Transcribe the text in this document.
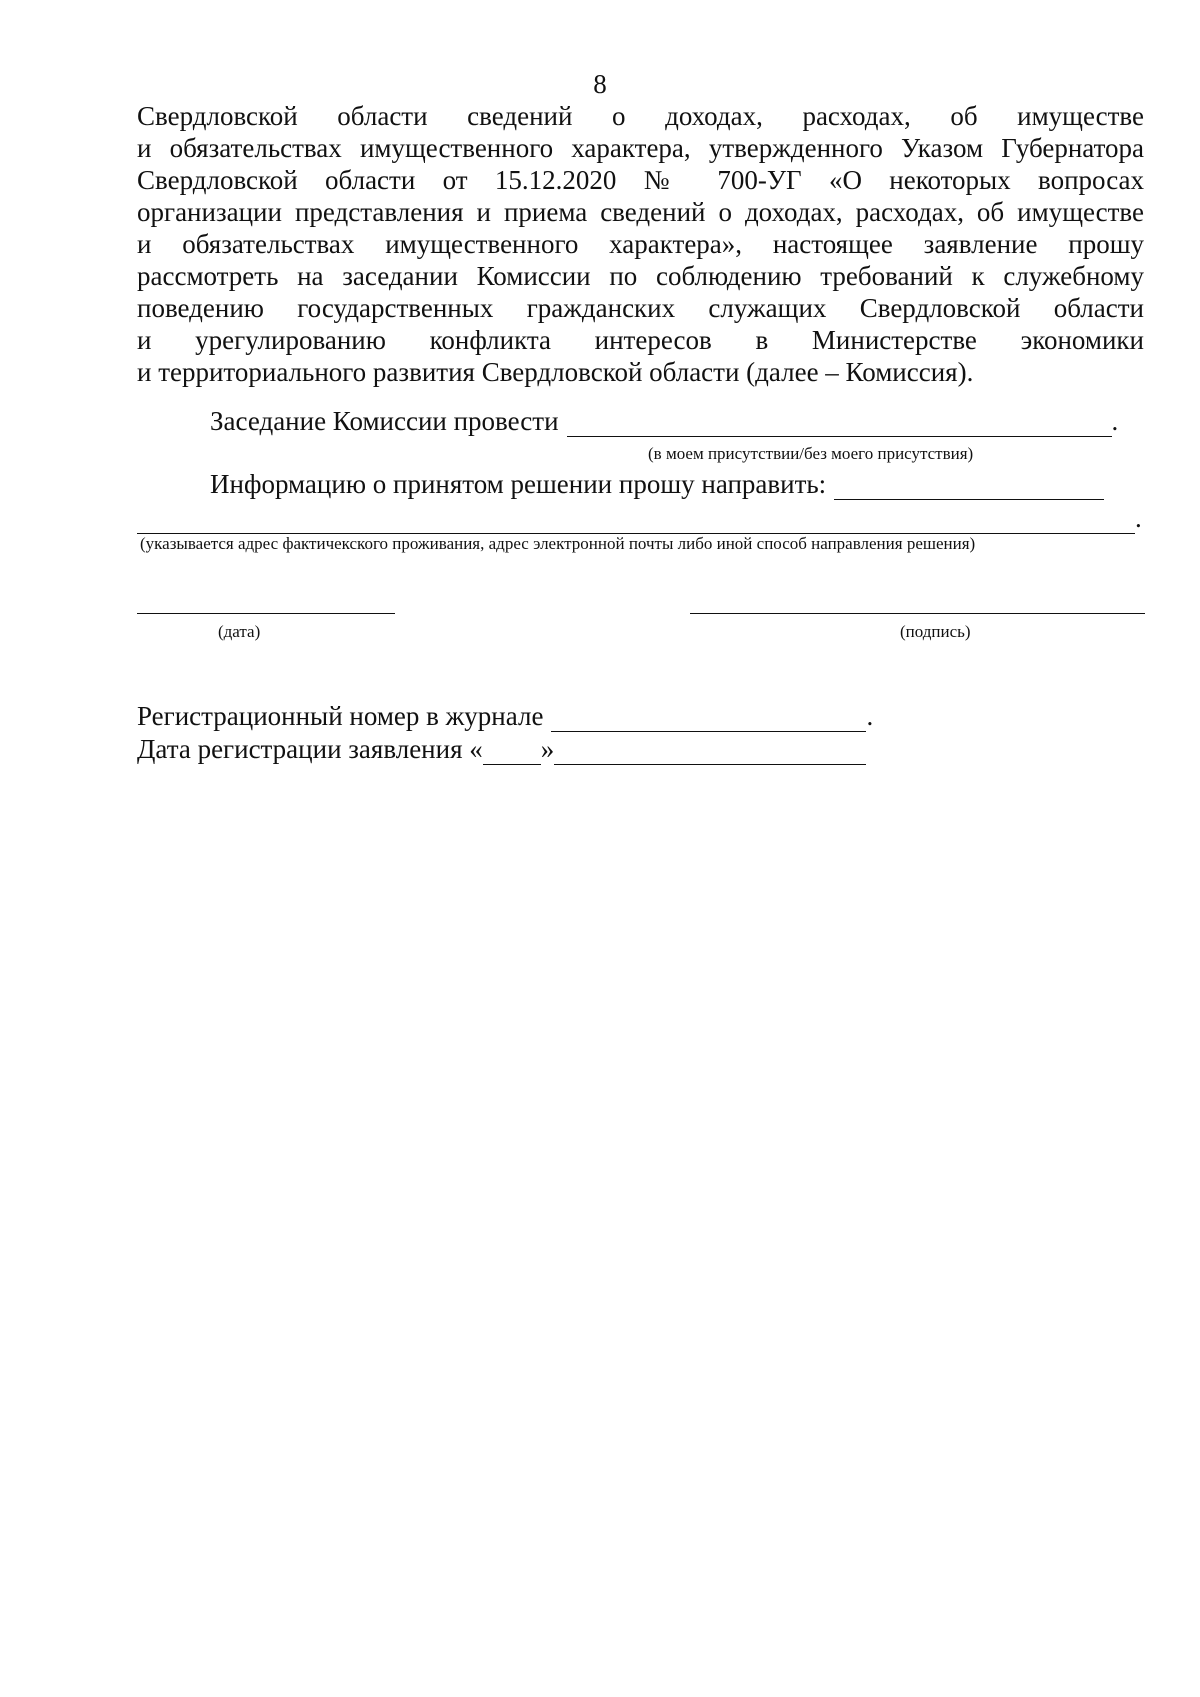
8
Свердловской области сведений о доходах, расходах, об имуществе
и обязательствах имущественного характера, утвержденного Указом Губернатора
Свердловской области от 15.12.2020 № 700-УГ «О некоторых вопросах
организации представления и приема сведений о доходах, расходах, об имуществе
и обязательствах имущественного характера», настоящее заявление прошу
рассмотреть на заседании Комиссии по соблюдению требований к служебному
поведению государственных гражданских служащих Свердловской области
и урегулированию конфликта интересов в Министерстве экономики
и территориального развития Свердловской области (далее – Комиссия).
Заседание Комиссии провести	.
(в моем присутствии/без моего присутствия)
Информацию о принятом решении прошу направить:
.
(указывается адрес фактичекского проживания, адрес электронной почты либо иной способ направления решения)
(дата)	(подпись)
Регистрационный номер в журнале	.
Дата регистрации заявления « »
